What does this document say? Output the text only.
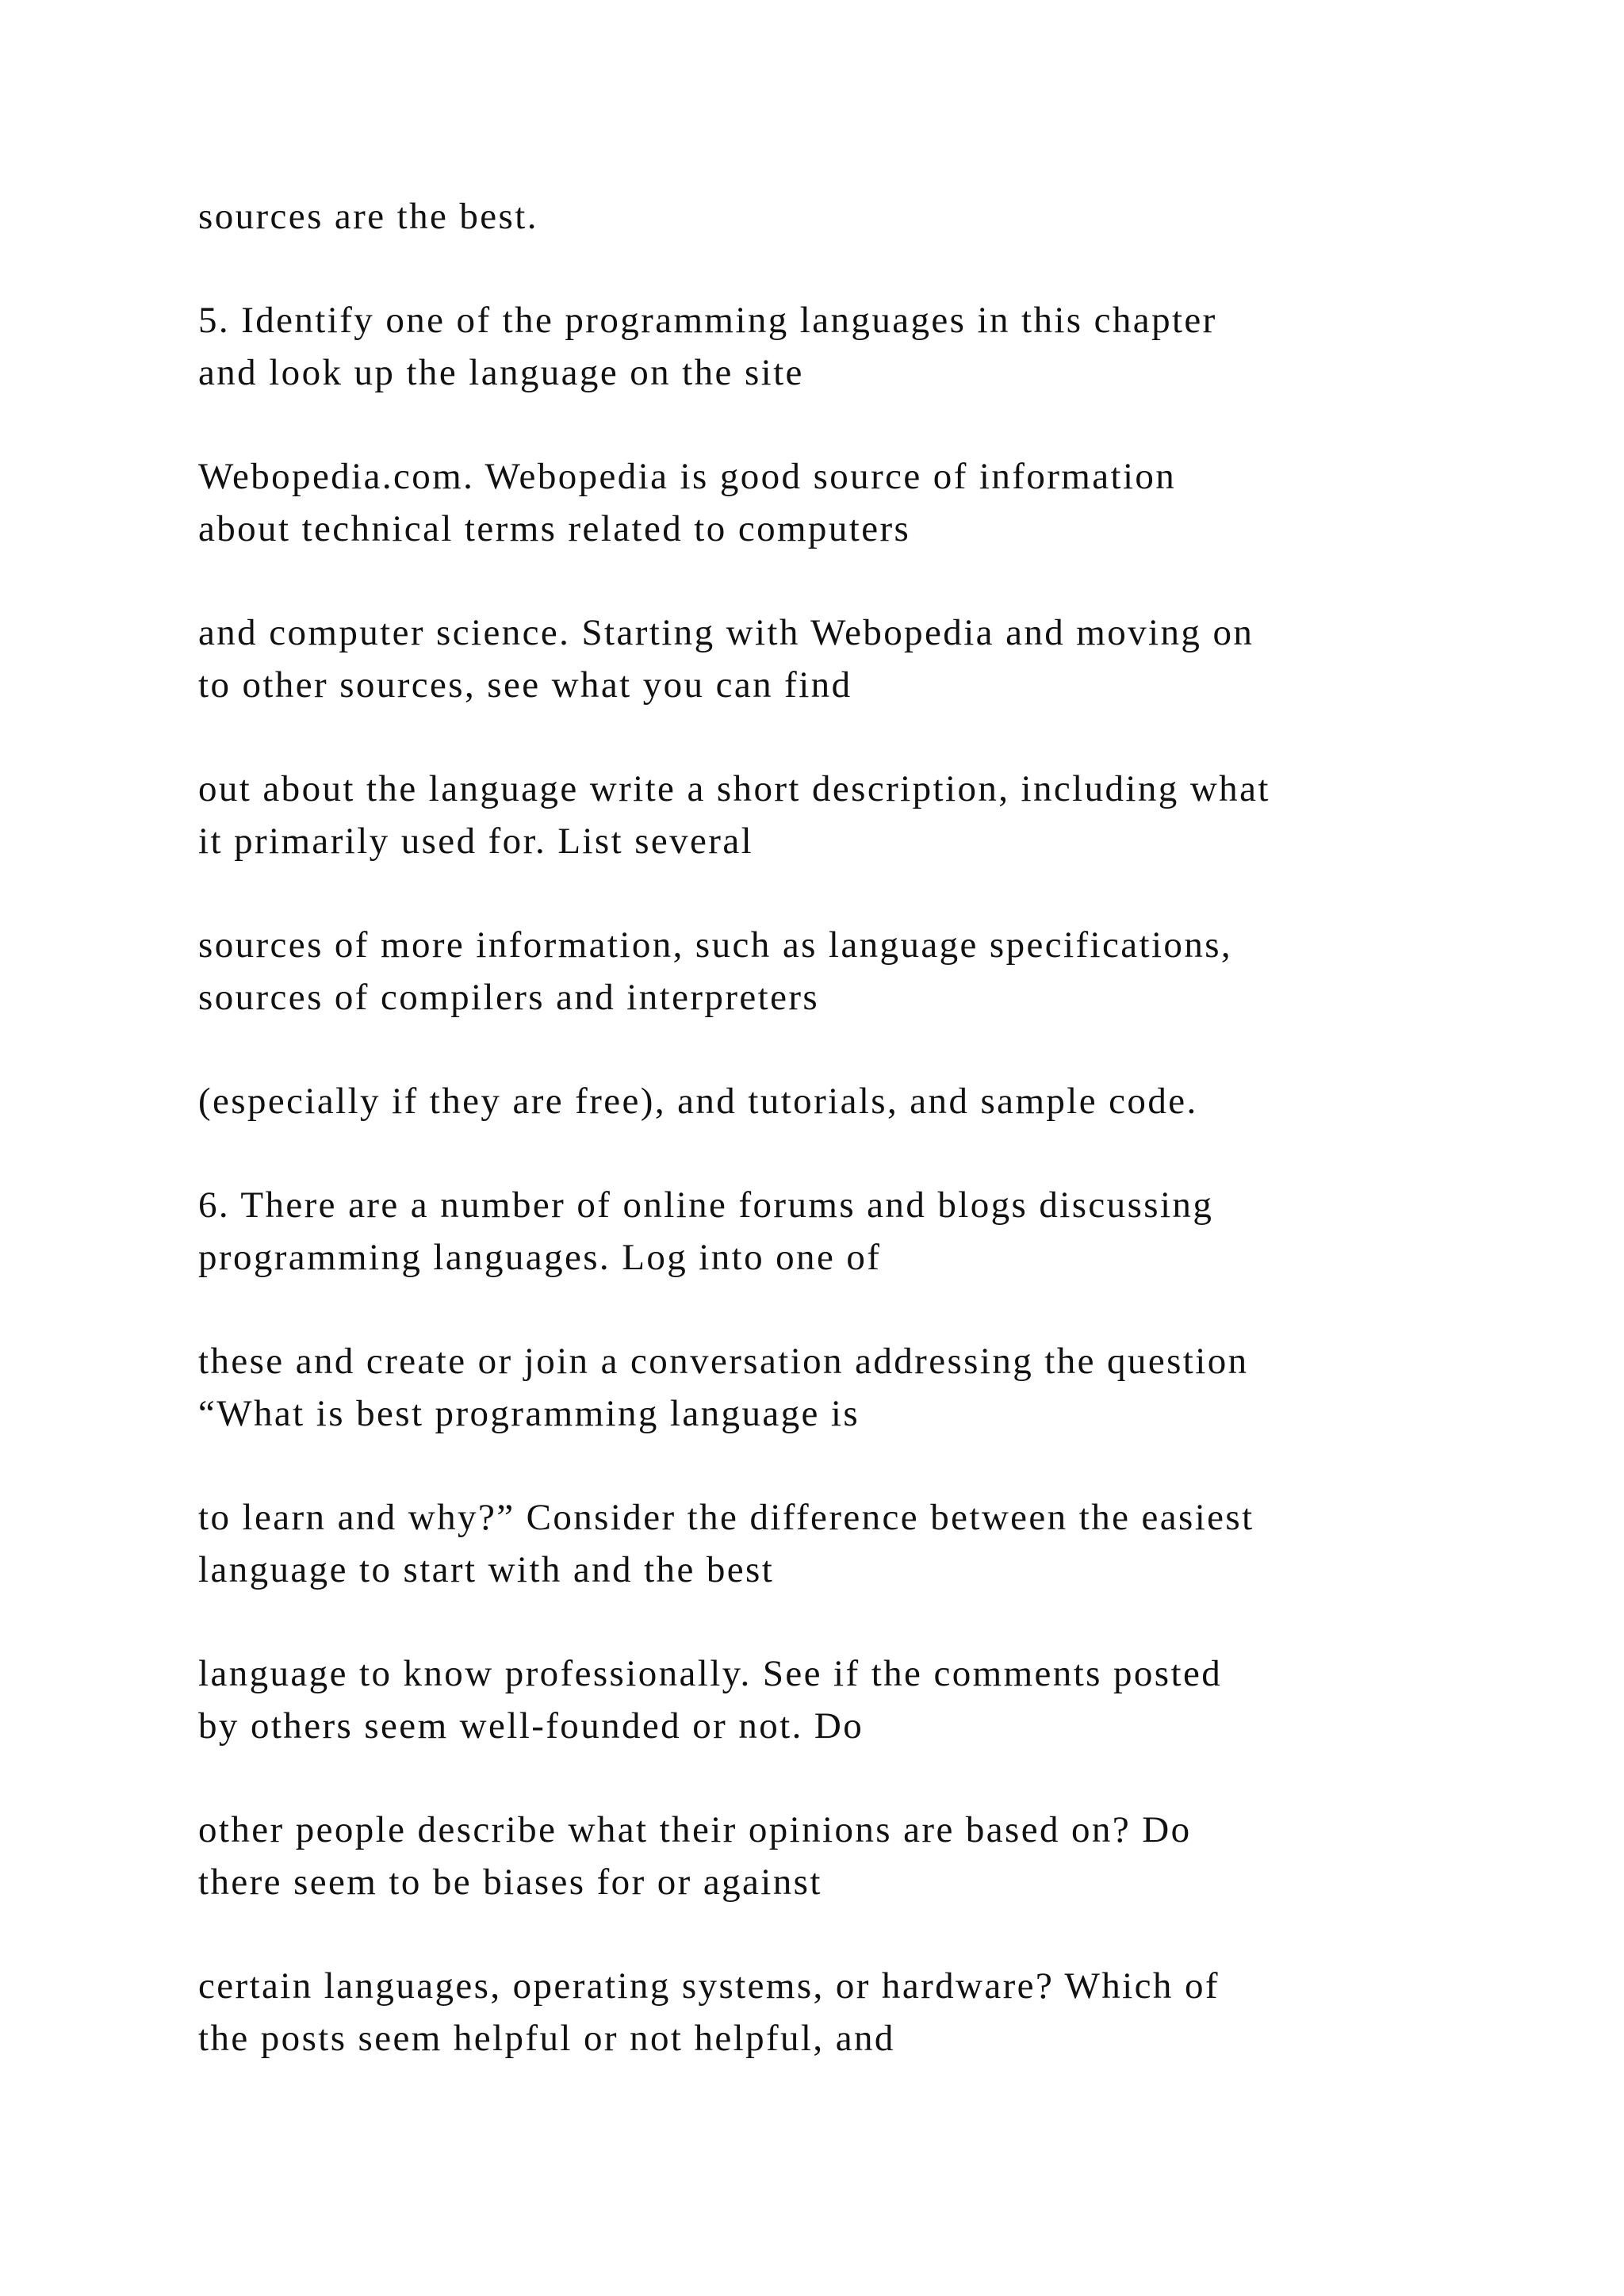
sources are the best.

5. Identify one of the programming languages in this chapter
and look up the language on the site

Webopedia.com. Webopedia is good source of information
about technical terms related to computers

and computer science. Starting with Webopedia and moving on
to other sources, see what you can find

out about the language write a short description, including what
it primarily used for. List several

sources of more information, such as language specifications,
sources of compilers and interpreters

(especially if they are free), and tutorials, and sample code.

6. There are a number of online forums and blogs discussing
programming languages. Log into one of

these and create or join a conversation addressing the question
“What is best programming language is

to learn and why?” Consider the difference between the easiest
language to start with and the best

language to know professionally. See if the comments posted
by others seem well-founded or not. Do

other people describe what their opinions are based on? Do
there seem to be biases for or against

certain languages, operating systems, or hardware? Which of
the posts seem helpful or not helpful, and
